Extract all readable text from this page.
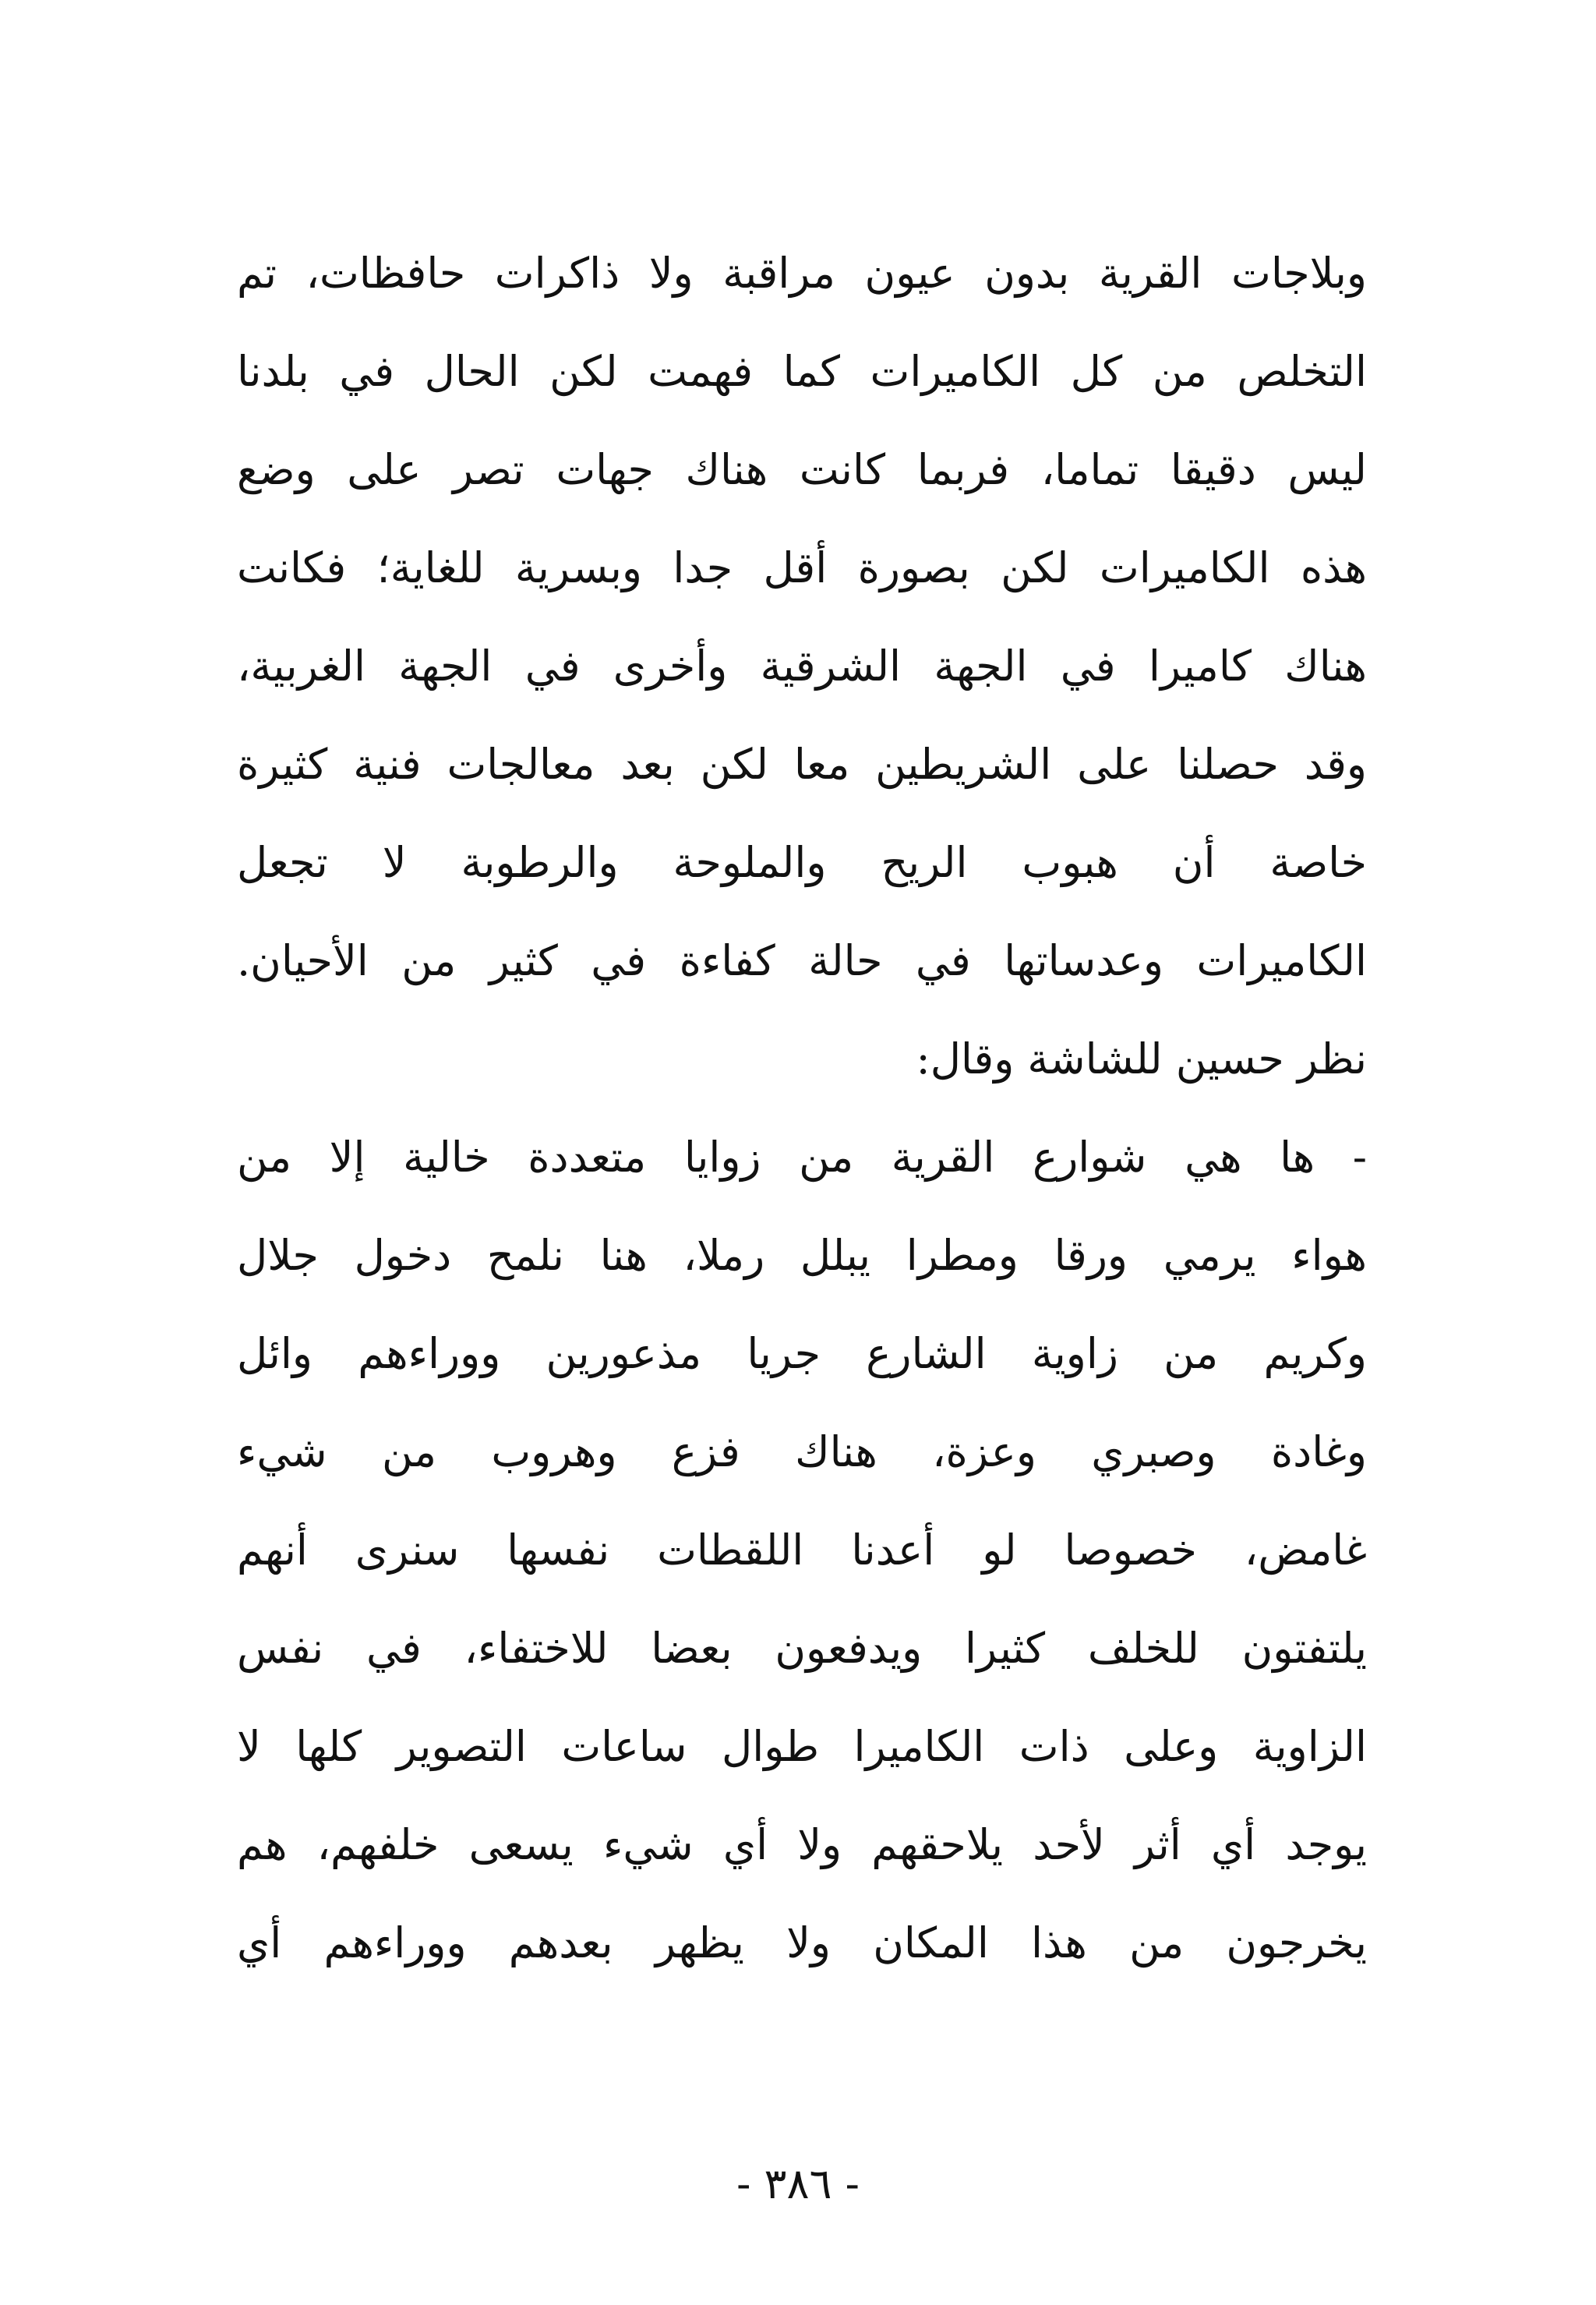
وبلاجات القرية بدون عيون مراقبة ولا ذاكرات حافظات، تم
التخلص من كل الكاميرات كما فهمت لكن الحال في بلدنا
ليس دقيقا تماما، فربما كانت هناك جهات تصر على وضع
هذه الكاميرات لكن بصورة أقل جدا وبسرية للغاية؛ فكانت
هناك كاميرا في الجهة الشرقية وأخرى في الجهة الغربية،
وقد حصلنا على الشريطين معا لكن بعد معالجات فنية كثيرة
خاصة أن هبوب الريح والملوحة والرطوبة لا تجعل
الكاميرات وعدساتها في حالة كفاءة في كثير من الأحيان.
نظر حسين للشاشة وقال:
- ها هي شوارع القرية من زوايا متعددة خالية إلا من
هواء يرمي ورقا ومطرا يبلل رملا، هنا نلمح دخول جلال
وكريم من زاوية الشارع جريا مذعورين ووراءهم وائل
وغادة وصبري وعزة، هناك فزع وهروب من شيء
غامض، خصوصا لو أعدنا اللقطات نفسها سنرى أنهم
يلتفتون للخلف كثيرا ويدفعون بعضا للاختفاء، في نفس
الزاوية وعلى ذات الكاميرا طوال ساعات التصوير كلها لا
يوجد أي أثر لأحد يلاحقهم ولا أي شيء يسعى خلفهم، هم
يخرجون من هذا المكان ولا يظهر بعدهم ووراءهم أي
- ٣٨٦ -
